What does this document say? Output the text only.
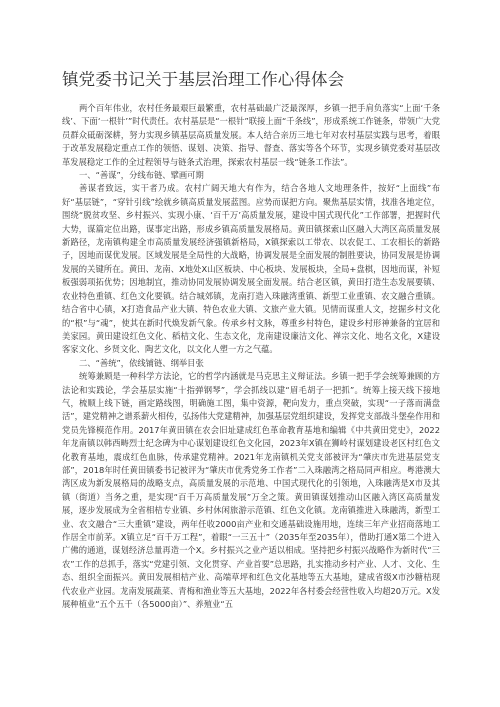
镇党委书记关于基层治理工作心得体会

两个百年伟业，农村任务最艰巨最繁重，农村基础最广泛最深厚，乡镇一把手肩负落实“上面‘千条线’、下面‘一根针’”时代责任。农村基层是“一根针”联接上面“千条线”，形成系统工作链条，带领广大党员群众砥砺深耕，努力实现乡镇基层高质量发展。本人结合亲历三地七年对农村基层实践与思考，着眼于改革发展稳定重点工作的领悟、谋划、决策、指导、督查、落实等各个环节，实现乡镇党委对基层改革发展稳定工作的全过程领导与链条式治理，探索农村基层一线“链条工作法”。

一、“善谋”，分线布链、擘画可期

善谋者致远，实干者乃成。农村广阔天地大有作为，结合各地人文地理条件，按好“上面线”布好“基层链”，“穿针引线”绘就乡镇高质量发展蓝图。应势而谋把方向。聚焦基层实情，找准各地定位，围绕“脱贫攻坚、乡村振兴、实现小康、‘百千万’高质量发展，建设中国式现代化”工作部署，把握时代大势，谋篇定位出路，谋事定出路，形成乡镇高质量发展格局。黄田镇探索山区融入大湾区高质量发展新路径，龙南镇构建全市高质量发展经济强镇新格局，X镇探索以工带农、以农促工、工农相长的新路子，因地而谋优发展。区域发展是全局性的大战略，协调发展是全面发展的制胜要诀，协同发展是协调发展的关键所在。黄田、龙南、X地处X山区板块、中心板块、发展板块，全局+盘棋，因地而谋，补短板强弱项拓优势；因地制宜，推动协同发展协调发展全面发展。结合老区镇，黄田打造生态发展要镇、农业特色重镇、红色文化要镇。结合城郊镇，龙南打造入珠融湾重镇、新型工业重镇、农文融合重镇。结合省中心镇，X打造食品产业大镇、特色农业大镇、文旅产业大镇。见情而谋重人文，挖掘乡村文化的“根”与“魂”，使其在新时代焕发新气象。传承乡村文脉，尊重乡村特色，建设乡村形神兼备的宜居和美家园。黄田建设红色文化、稻桔文化、生态文化，龙南建设廉洁文化、禅宗文化、地名文化，X建设客家文化、乡贤文化、陶艺文化，以文化人塑一方之气蕴。

二、“善统”，依线铺链、纲举目张

统筹兼顾是一种科学方法论，它的哲学内涵就是马克思主义辩证法。乡镇一把手学会统筹兼顾的方法论和实践论，学会基层实施“十指弹钢琴”，学会抓线以建“眉毛胡子一把抓”。统筹上接天线下接地气，梳顺上线下链，画定路线图，明确施工图，集中资源，靶向发力，重点突破，实现“一子落而满盘活”，建党精神之谱系薪火相传，弘扬伟大党建精神，加强基层党组织建设，发挥党支部战斗堡垒作用和党员先锋模范作用。2017年黄田镇在农会旧址建成红色革命教育基地和编辑《中共黄田党史》，2022年龙南镇以韩西畴烈士纪念碑为中心谋划建设红色文化园，2023年X镇在狮岭村谋划建设老区村红色文化教育基地，震成红色血脉，传承建党精神。2021年龙南镇机关党支部被评为“肇庆市先进基层党支部”，2018年时任黄田镇委书记被评为“肇庆市优秀党务工作者”二入珠融湾之格局同声相应。粤港澳大湾区成为新发展格局的战略支点，高质量发展的示范地、中国式现代化的引领地，入珠融湾是X市及其镇（街道）当务之重，是实现“百千万高质量发展”万全之策。黄田镇谋划推动山区融入湾区高质量发展，逐步发展成为全省相桔专业镇、乡村休闲旅游示范镇、红色文化镇。龙南镇推进入珠融湾，新型工业、农文融合“三大重镇”建设，两年任收2000亩产业和交通基础设施用地，连续三年产业招商落地工作居全市前茅。X镇立足“百千万工程”，着眼“一三五十”（2035年至2035年），借助打通X第二个进入广佛的通道，谋划经济总量再造一个X。乡村振兴之业产适以相成。坚持把乡村振兴战略作为新时代“三农”工作的总抓手，落实“党建引领、文化贯穿、产业首要”总思路，扎实推动乡村产业、人才、文化、生态、组织全面振兴。黄田发展相桔产业、高端草坪和红色文化基地等五大基地，建成省级X市沙糖桔现代农业产业园。龙南发展蔬菜、青梅和渔业等五大基地，2022年各村委会经营性收入均超20万元。X发展种植业“五个五千（各5000亩）”、养殖业“五
